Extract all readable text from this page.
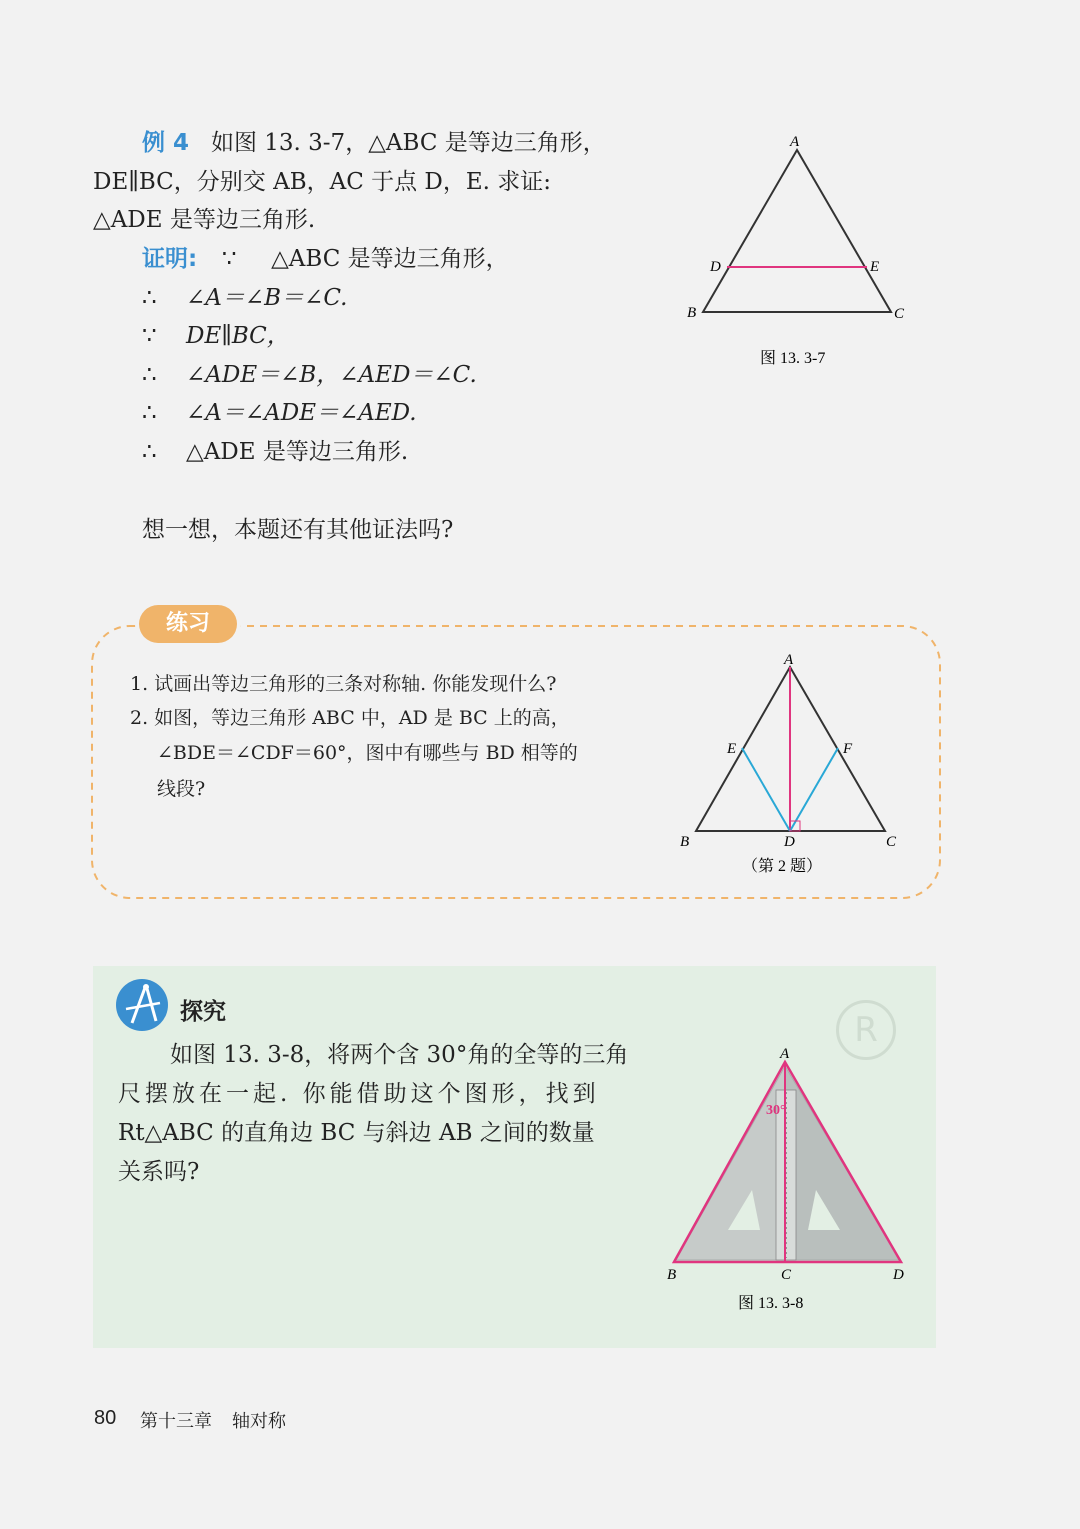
例 4 如图 13. 3-7，△ABC 是等边三角形，
DE∥BC，分别交 AB，AC 于点 D，E. 求证:
△ADE 是等边三角形.
证明: ∵ △ABC 是等边三角形，
∴ ∠A＝∠B＝∠C.
∵ DE∥BC，
∴ ∠ADE＝∠B，∠AED＝∠C.
∴ ∠A＝∠ADE＝∠AED.
∴ △ADE 是等边三角形.
想一想，本题还有其他证法吗?
A
D	E
B	C
图 13. 3-7
练习
1. 试画出等边三角形的三条对称轴. 你能发现什么?
2. 如图，等边三角形 ABC 中，AD 是 BC 上的高，
∠BDE＝∠CDF＝60°，图中有哪些与 BD 相等的
线段?
A
E	F
B	D	C
（第 2 题）
探究	R
如图 13. 3-8，将两个含 30°角的全等的三角
尺摆放在一起. 你能借助这个图形，找到
Rt△ABC 的直角边 BC 与斜边 AB 之间的数量
关系吗?
30°
A
B	C	D
图 13. 3-8
80 第十三章 轴对称
